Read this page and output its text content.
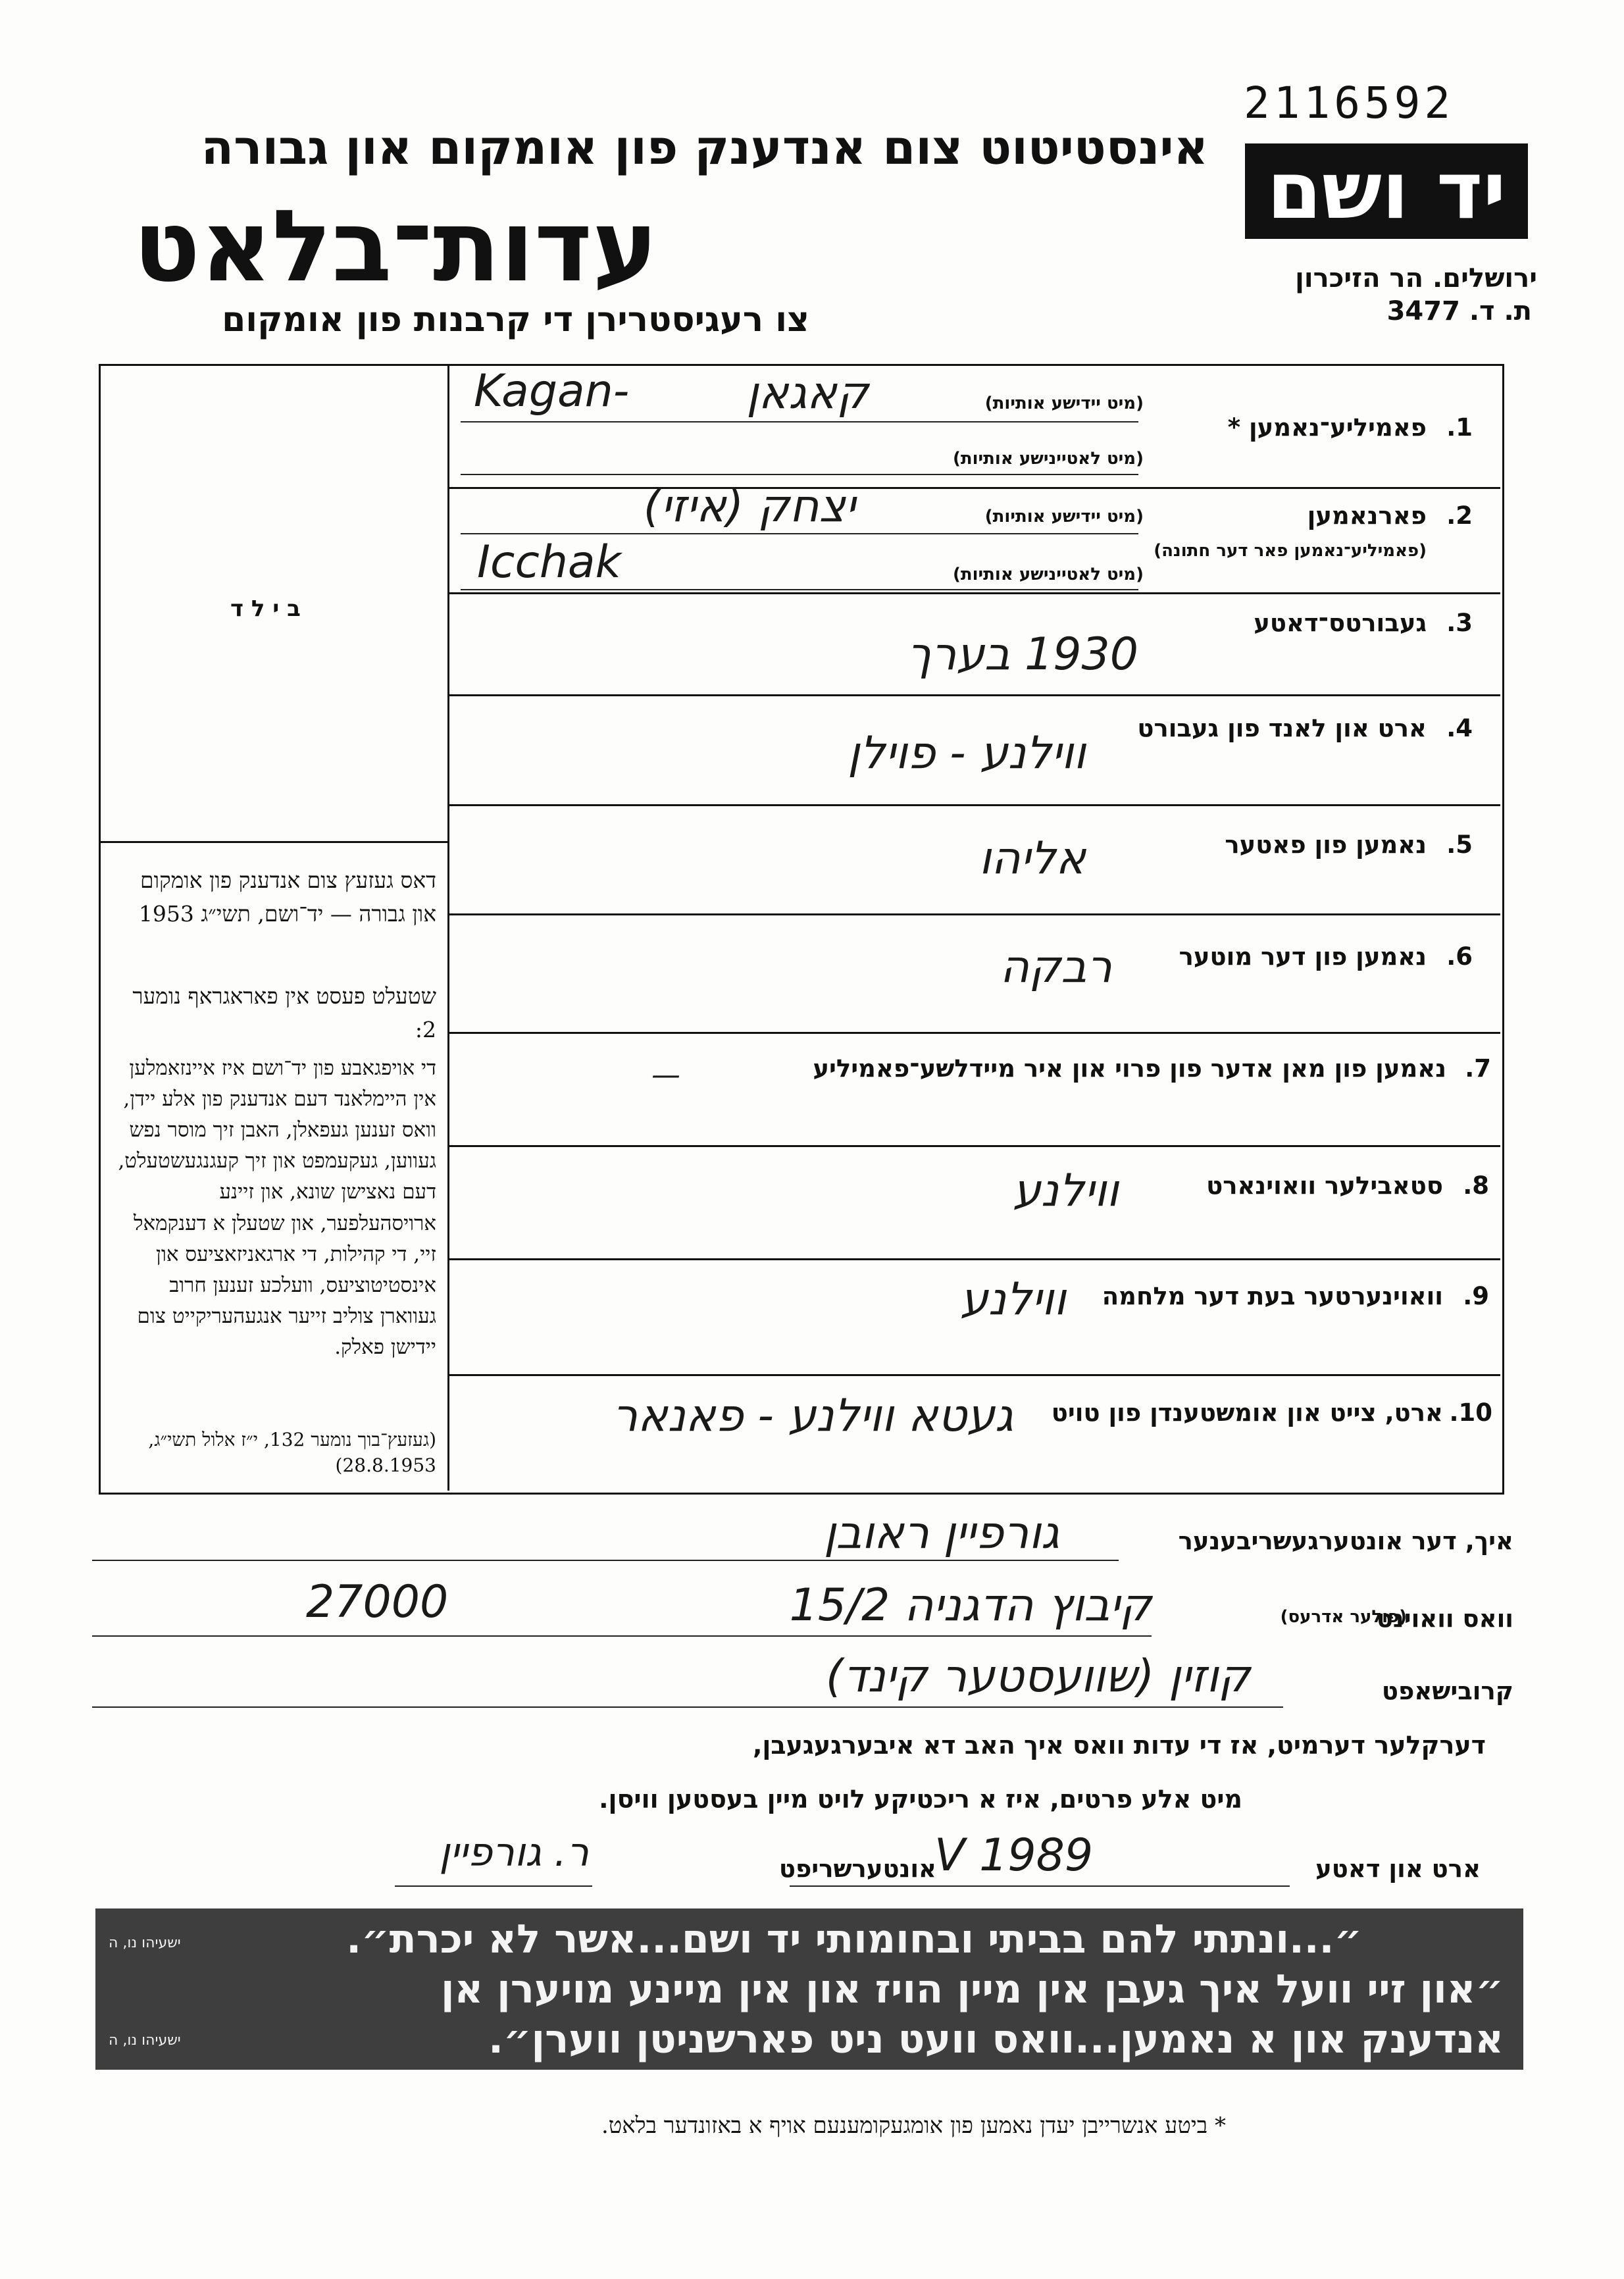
2116592
יד ושם
ירושלים. הר הזיכרון
ת. ד. 3477
אינסטיטוט צום אנדענק פון אומקום און גבורה
עדות־בלאט
צו רעגיסטרירן די קרבנות פון אומקום
ב י ל ד
דאס געזעץ צום אנדענק פון אומקום און גבורה — יד־ושם, תשי״ג 1953
שטעלט פעסט אין פאראגראף נומער 2:
די אויפגאבע פון יד־ושם איז איינזאמלען אין היימלאנד דעם אנדענק פון אלע יידן, וואס זענען געפאלן, האבן זיך מוסר נפש געווען, געקעמפט און זיך קעגנגעשטעלט, דעם נאצישן שונא, און זיינע ארויסהעלפער, און שטעלן א דענקמאל זיי, די קהילות, די ארגאניזאציעס און אינסטיטוציעס, וועלכע זענען חרוב געווארן צוליב זייער אנגעהעריקייט צום יידישן פאלק.
(געזעץ־בוך נומער 132, י״ז אלול תשי״ג, 28.8.1953)
1.
פאמיליע־נאמען *
(מיט יידישע אותיות)
(מיט לאטיינישע אותיות)
Kagan-	קאגאן
2.
פארנאמען
(פאמיליע־נאמען פאר דער חתונה)
(מיט יידישע אותיות)
(מיט לאטיינישע אותיות)
יצחק (איזי)
Icchak
3.
געבורטס־דאטע
1930 בערך
4.
ארט און לאנד פון געבורט
ווילנע - פוילן
5.
נאמען פון פאטער
אליהו
6.
נאמען פון דער מוטער
רבקה
7.
נאמען פון מאן אדער פון פרוי און איר מיידלשע־פאמיליע
—
8.
סטאבילער וואוינארט
ווילנע
9.
וואוינערטער בעת דער מלחמה
ווילנע
10.
ארט, צייט און אומשטענדן פון טויט
געטא ווילנע - פאנאר
איך, דער אונטערגעשריבענער
גורפיין ראובן
וואס וואוינט
(פולער אדרעס)
27000	קיבוץ הדגניה 15/2
קרובישאפט
קוזין (שוועסטער קינד)
דערקלער דערמיט, אז די עדות וואס איך האב דא איבערגעגעבן,
מיט אלע פרטים, איז א ריכטיקע לויט מיין בעסטען וויסן.
ארט און דאטע
V 1989
אונטערשריפט
ר. גורפיין
״...ונתתי להם בביתי ובחומותי יד ושם...אשר לא יכרת״.
ישעיהו נו, ה
״און זיי וועל איך געבן אין מיין הויז און אין מיינע מויערן אן
אנדענק און א נאמען...וואס וועט ניט פארשניטן ווערן״.
ישעיהו נו, ה
* ביטע אנשרייבן יעדן נאמען פון אומגעקומענעם אויף א באזונדער בלאט.
